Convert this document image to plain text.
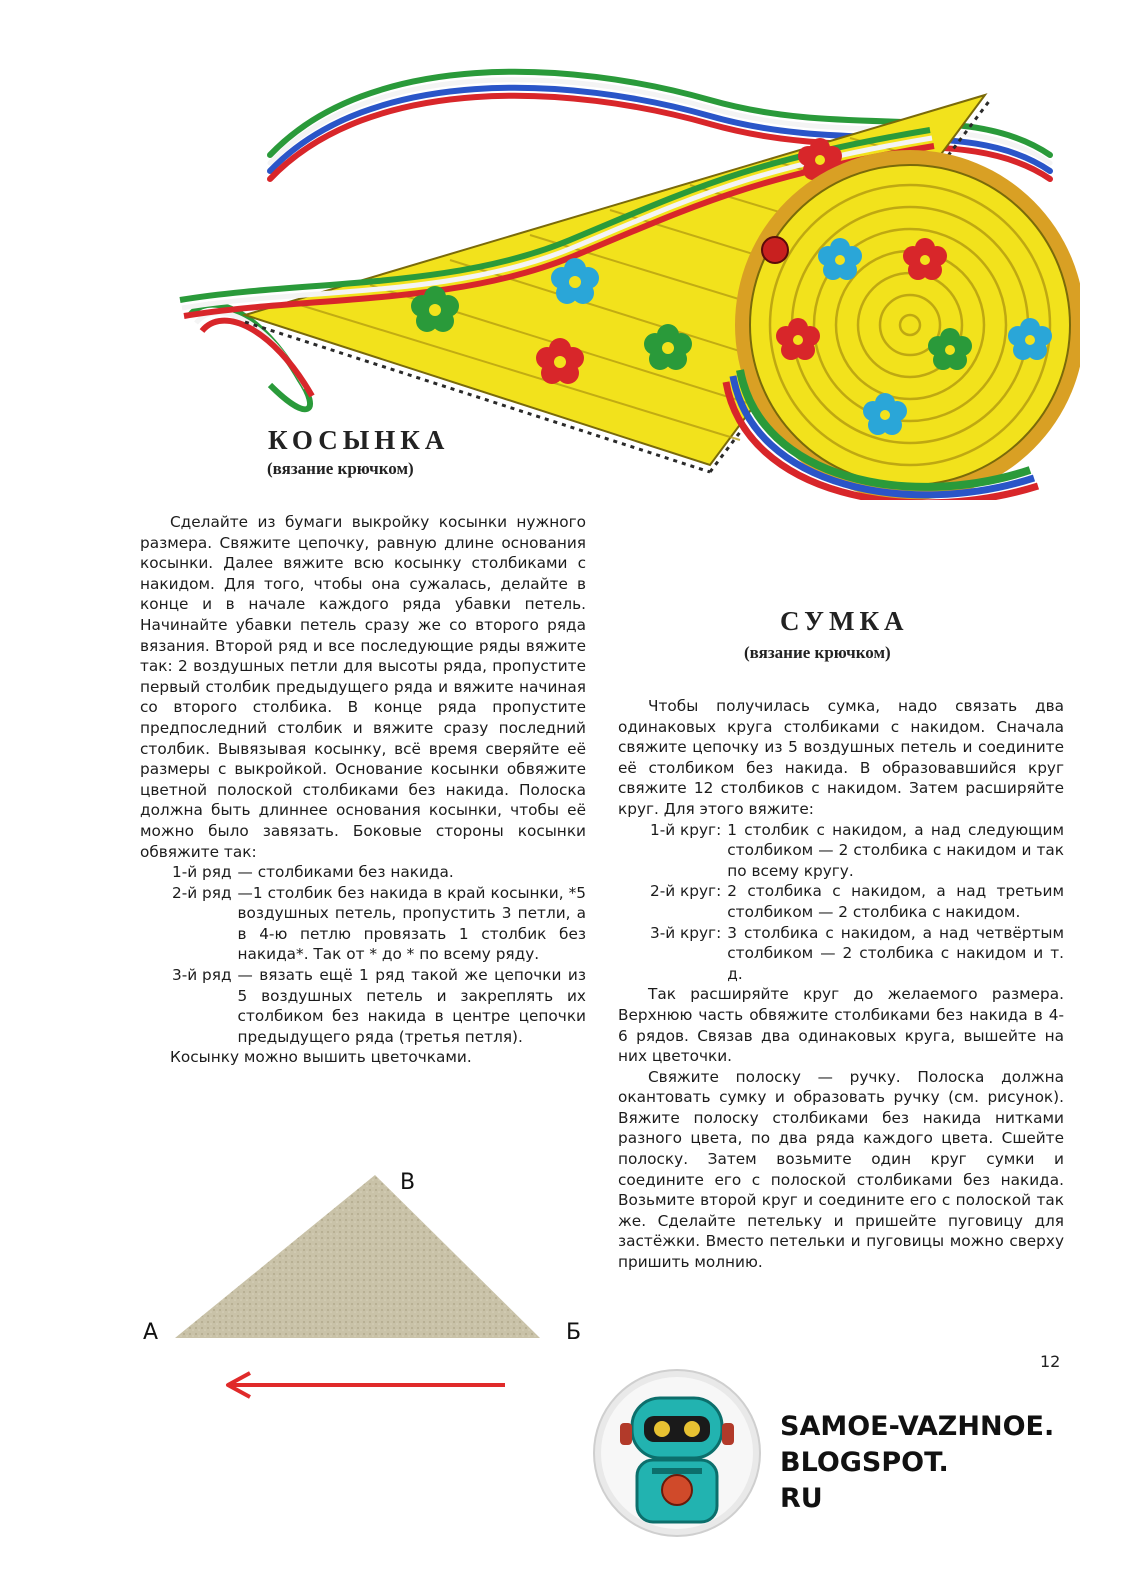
КОСЫНКА
(вязание крючком)

Сделайте из бумаги выкройку косынки нужного размера. Свяжите цепочку, равную длине основания косынки. Далее вяжите всю косынку столбиками с накидом. Для того, чтобы она сужалась, делайте в конце и в начале каждого ряда убавки петель. Начинайте убавки петель сразу же со второго ряда вязания. Второй ряд и все последующие ряды вяжите так: 2 воздушных петли для высоты ряда, пропустите первый столбик предыдущего ряда и вяжите начиная со второго столбика. В конце ряда пропустите предпоследний столбик и вяжите сразу последний столбик. Вывязывая косынку, всё время сверяйте её размеры с выкройкой. Основание косынки обвяжите цветной полоской столбиками без накида. Полоска должна быть длиннее основания косынки, чтобы её можно было завязать. Боковые стороны косынки обвяжите так:

1-й ряд — столбиками без накида.
2-й ряд —1 столбик без накида в край косынки, *5 воздушных петель, пропустить 3 петли, а в 4-ю петлю провязать 1 столбик без накида*. Так от * до * по всему ряду.
3-й ряд — вязать ещё 1 ряд такой же цепочки из 5 воздушных петель и закреплять их столбиком без накида в центре цепочки предыдущего ряда (третья петля).

Косынку можно вышить цветочками.

СУМКА
(вязание крючком)

Чтобы получилась сумка, надо связать два одинаковых круга столбиками с накидом. Сначала свяжите цепочку из 5 воздушных петель и соедините её столбиком без накида. В образовавшийся круг свяжите 12 столбиков с накидом. Затем расширяйте круг. Для этого вяжите:

1-й круг: 1 столбик с накидом, а над следующим столбиком — 2 столбика с накидом и так по всему кругу.
2-й круг: 2 столбика с накидом, а над третьим столбиком — 2 столбика с накидом.
3-й круг: 3 столбика с накидом, а над четвёртым столбиком — 2 столбика с накидом и т. д.

Так расширяйте круг до желаемого размера. Верхнюю часть обвяжите столбиками без накида в 4-6 рядов. Связав два одинаковых круга, вышейте на них цветочки.

Свяжите полоску — ручку. Полоска должна окантовать сумку и образовать ручку (см. рисунок). Вяжите полоску столбиками без накида нитками разного цвета, по два ряда каждого цвета. Сшейте полоску. Затем возьмите один круг сумки и соедините его с полоской столбиками без накида. Возьмите второй круг и соедините его с полоской так же. Сделайте петельку и пришейте пуговицу для застёжки. Вместо петельки и пуговицы можно сверху пришить молнию.

А	Б
В
12
SAMOE-VAZHNOE.
BLOGSPOT.
RU
